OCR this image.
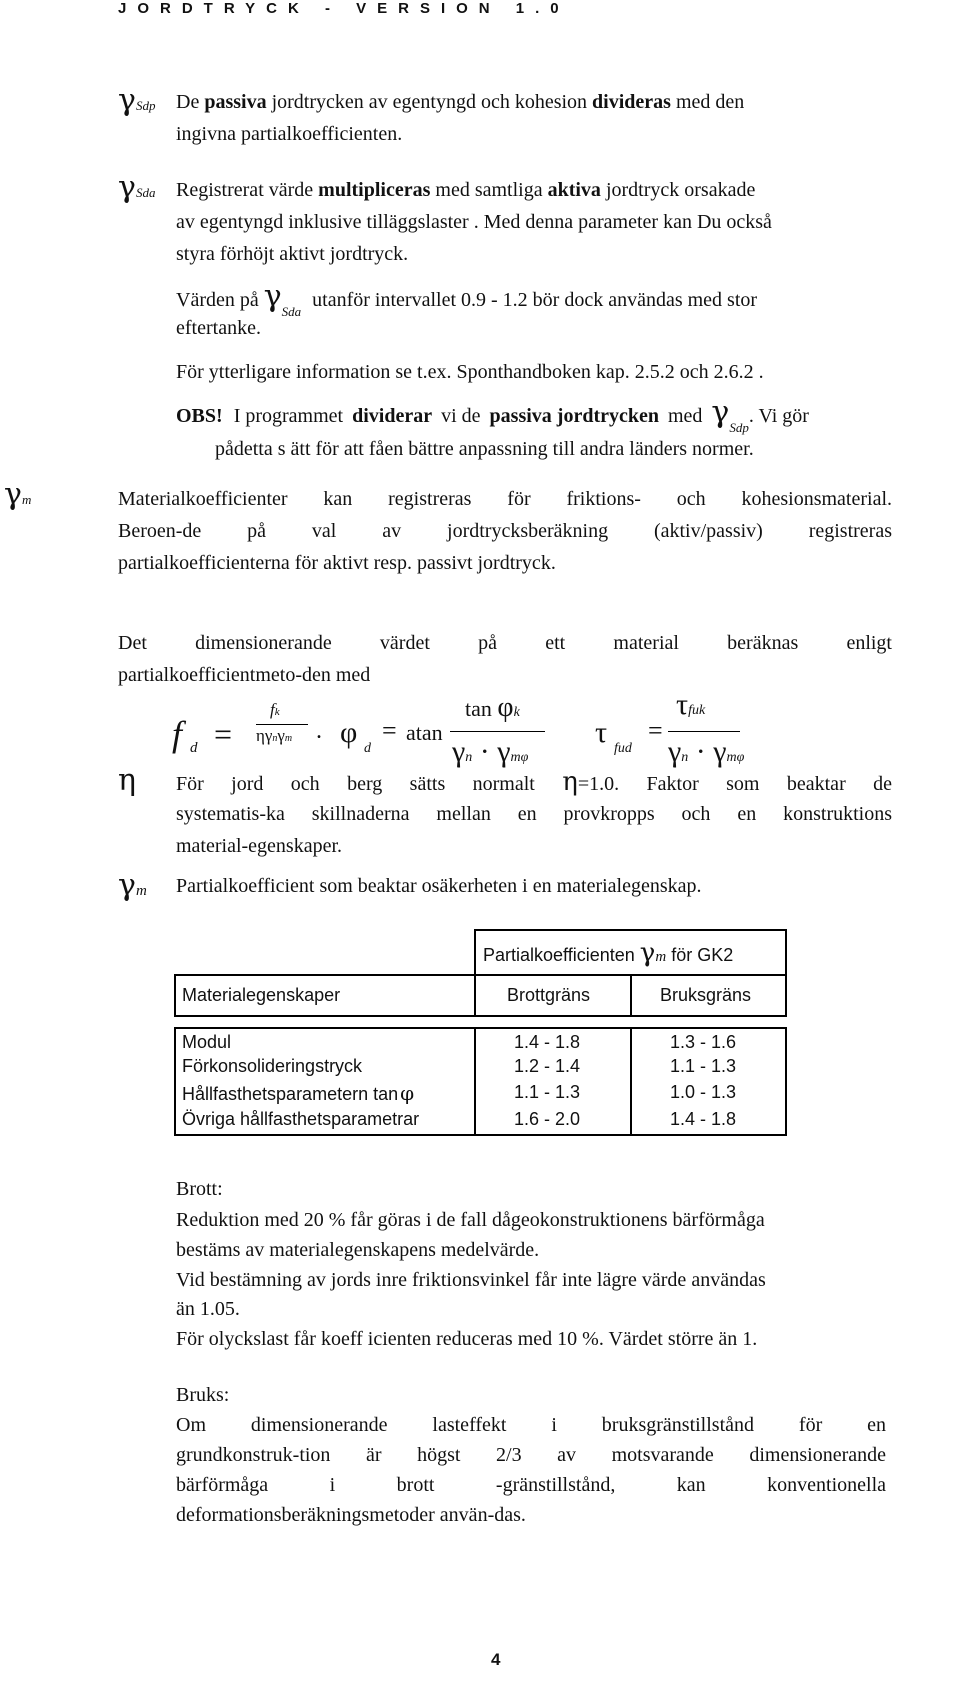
JORDTRYCK - VERSION 1.0
γSdp De passiva jordtrycken av egentyngd och kohesion divideras med den
ingivna partialkoefficienten.
γSda Registrerat värde multipliceras med samtliga aktiva jordtryck orsakade
av egentyngd inklusive tilläggslaster . Med denna parameter kan Du också
styra förhöjt aktivt jordtryck.
Värden på $\gamma_{Sda}$ utanför intervallet 0.9 - 1.2 bör dock användas med stor
eftertanke.
För ytterligare information se t.ex. Sponthandboken kap. 2.5.2 och 2.6.2 .
OBS! I programmet dividerar vi de passiva jordtrycken med $\gamma_{Sdp}$. Vi gör
pådetta s ätt för att fåen bättre anpassning till andra länders normer.
γm	Materialkoefficienter kan registreras för friktions- och kohesionsmaterial.
Beroen-de på val av jordtrycksberäkning (aktiv/passiv) registreras
partialkoefficienterna för aktivt resp. passivt jordtryck.
Det dimensionerande värdet på ett material beräknas enligt
partialkoefficientmeto-den med
f d =
fk
ηγnγm . φ d
= atan
tan φk
γn · γmφ
τ fud
=
τfuk
γn · γmφ
η För jord och berg sätts normalt η=1.0. Faktor som beaktar de
systematis-ka skillnaderna mellan en provkropps och en konstruktions
material-egenskaper.
γm Partialkoefficient som beaktar osäkerheten i en materialegenskap.
Partialkoefficienten γm för GK2
Materialegenskaper	Brottgräns	Bruksgräns
Modul	1.4 - 1.8	1.3 - 1.6
Förkonsolideringstryck	1.2 - 1.4	1.1 - 1.3
Hållfasthetsparametern tan φ	1.1 - 1.3	1.0 - 1.3
Övriga hållfasthetsparametrar	1.6 - 2.0	1.4 - 1.8
Brott:
Reduktion med 20 % får göras i de fall dågeokonstruktionens bärförmåga
bestäms av materialegenskapens medelvärde.
Vid bestämning av jords inre friktionsvinkel får inte lägre värde användas
än 1.05.
För olyckslast får koeff icienten reduceras med 10 %. Värdet större än 1.
Bruks:
Om dimensionerande lasteffekt i bruksgränstillstånd för en
grundkonstruk-tion är högst 2/3 av motsvarande dimensionerande
bärförmåga i brott -gränstillstånd, kan konventionella
deformationsberäkningsmetoder använ-das.
4
